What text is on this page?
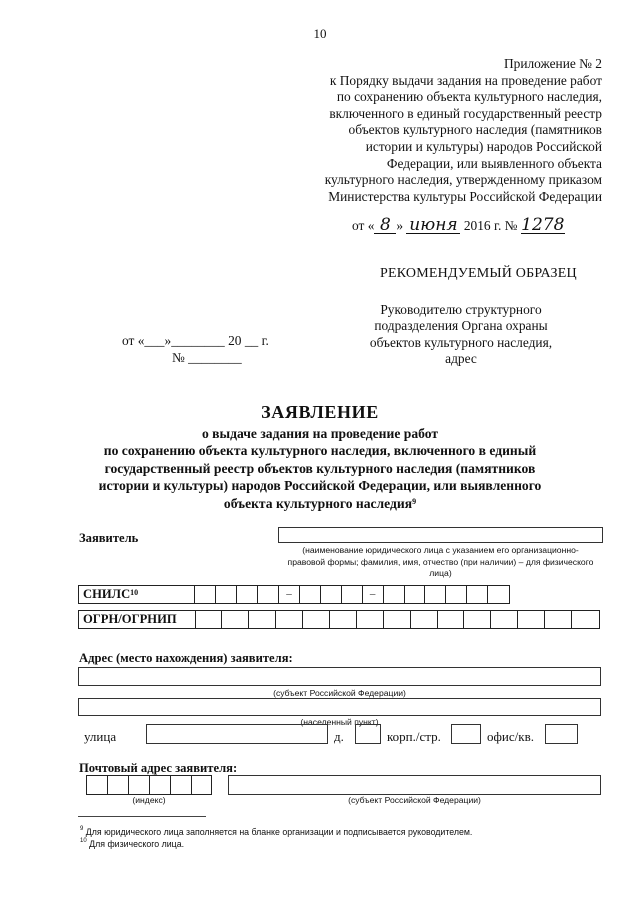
10
Приложение № 2
к Порядку выдачи задания на проведение работ
по сохранению объекта культурного наследия,
включенного в единый государственный реестр
объектов культурного наследия (памятников
истории и культуры) народов Российской
Федерации, или выявленного объекта
культурного наследия, утвержденному приказом
Министерства культуры Российской Федерации
от « 8 » июня 2016 г. № 1278
РЕКОМЕНДУЕМЫЙ ОБРАЗЕЦ
Руководителю структурного
подразделения Органа охраны
объектов культурного наследия,
адрес
от «___»________ 20 __ г.
№ ________
ЗАЯВЛЕНИЕ
о выдаче задания на проведение работ
по сохранению объекта культурного наследия, включенного в единый
государственный реестр объектов культурного наследия (памятников
истории и культуры) народов Российской Федерации, или выявленного
объекта культурного наследия$^9$
Заявитель
(наименование юридического лица с указанием его организационно-
правовой формы; фамилия, имя, отчество (при наличии) – для физического
лица)
СНИЛС$^{10}$	–	–
ОГРН/ОГРНИП
Адрес (место нахождения) заявителя:
(субъект Российской Федерации)
(населенный пункт)
улица	д.	корп./стр.	офис/кв.
Почтовый адрес заявителя:
(индекс)	(субъект Российской Федерации)
$^9$ Для юридического лица заполняется на бланке организации и подписывается руководителем.
$^{10}$ Для физического лица.
